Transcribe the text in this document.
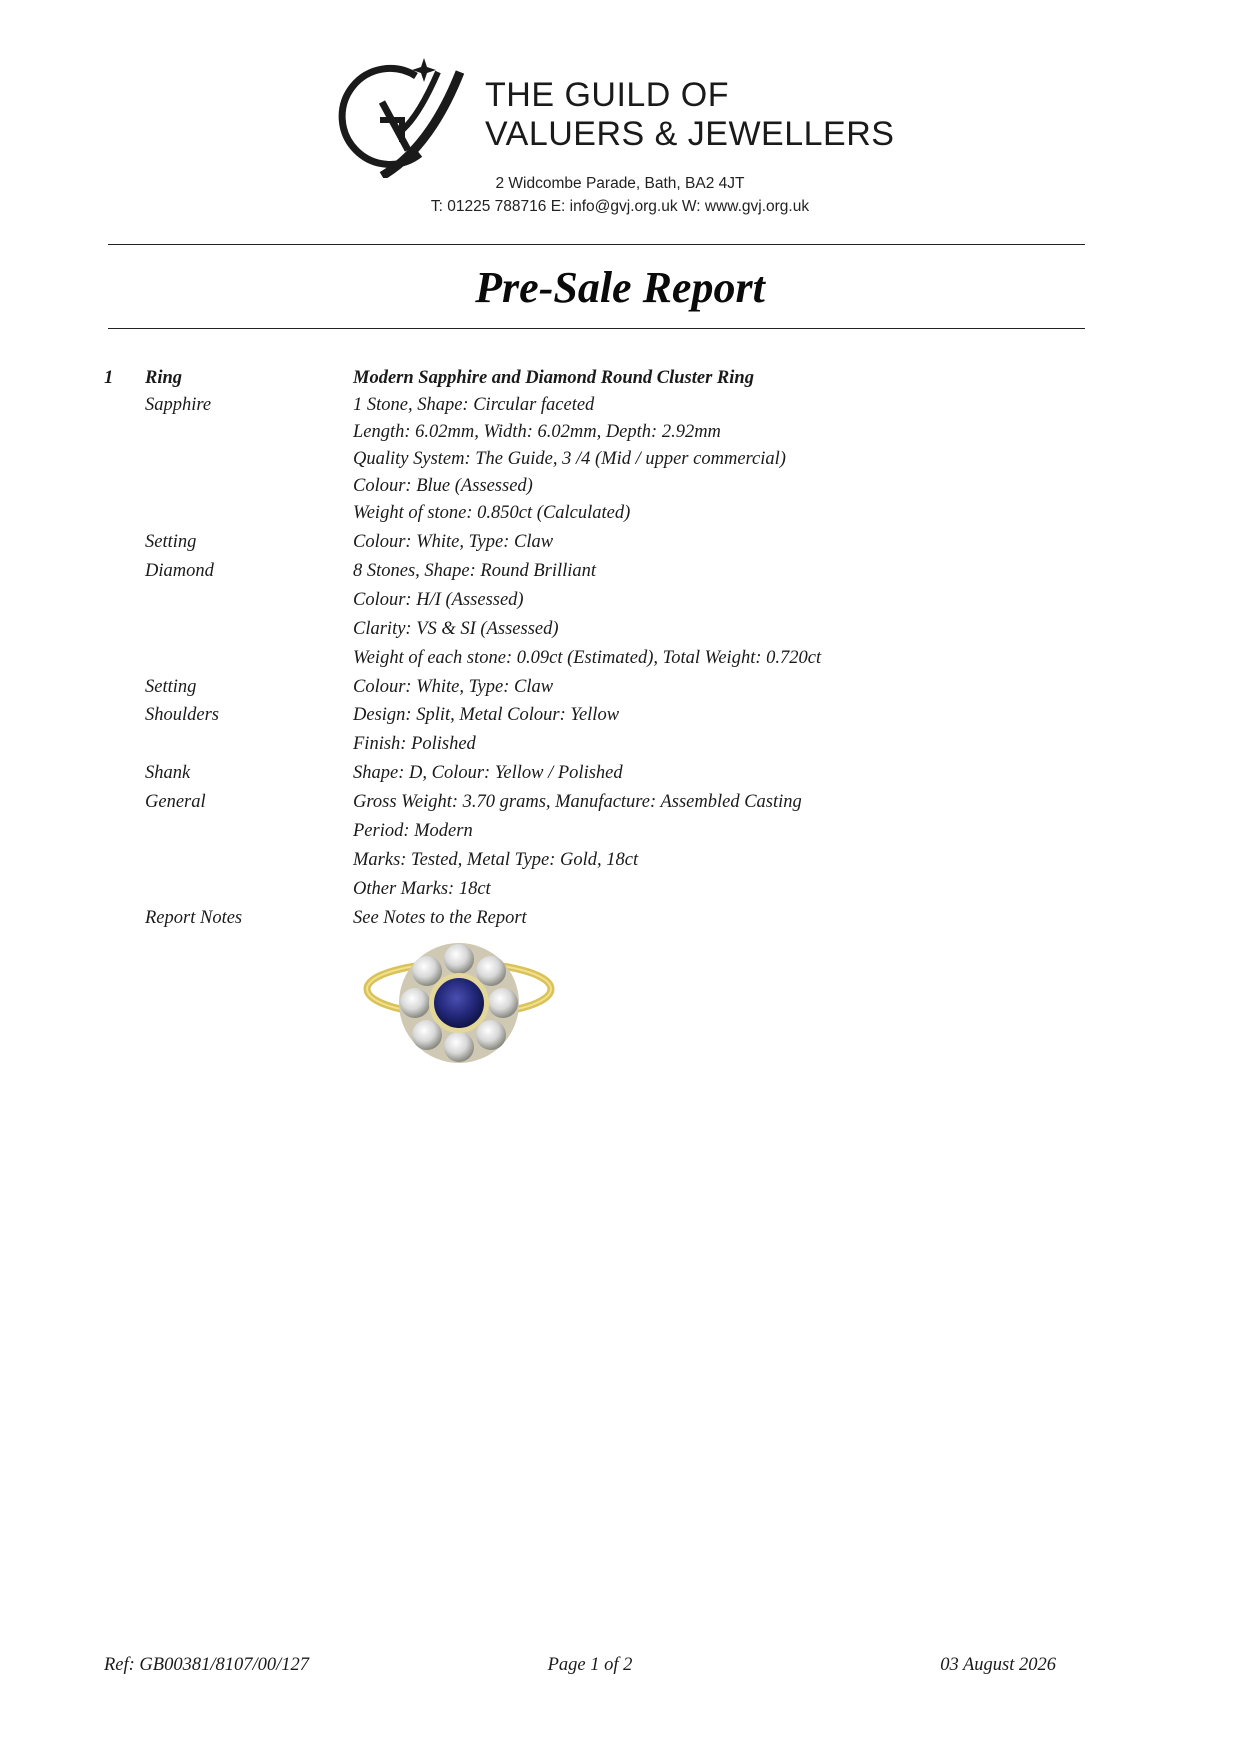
THE GUILD OF
VALUERS & JEWELLERS
2 Widcombe Parade, Bath, BA2 4JT
T: 01225 788716 E: info@gvj.org.uk W: www.gvj.org.uk
Pre-Sale Report
1 Ring	Modern Sapphire and Diamond Round Cluster Ring
Sapphire	1 Stone, Shape: Circular faceted
Length: 6.02mm, Width: 6.02mm, Depth: 2.92mm
Quality System: The Guide, 3 /4 (Mid / upper commercial)
Colour: Blue (Assessed)
Weight of stone: 0.850ct (Calculated)
Setting	Colour: White, Type: Claw
Diamond	8 Stones, Shape: Round Brilliant
Colour: H/I (Assessed)
Clarity: VS & SI (Assessed)
Weight of each stone: 0.09ct (Estimated), Total Weight: 0.720ct
Setting	Colour: White, Type: Claw
Shoulders	Design: Split, Metal Colour: Yellow
Finish: Polished
Shank	Shape: D, Colour: Yellow / Polished
General	Gross Weight: 3.70 grams, Manufacture: Assembled Casting
Period: Modern
Marks: Tested, Metal Type: Gold, 18ct
Other Marks: 18ct
Report Notes	See Notes to the Report
Ref: GB00381/8107/00/127	Page 1 of 2	03 August 2026
